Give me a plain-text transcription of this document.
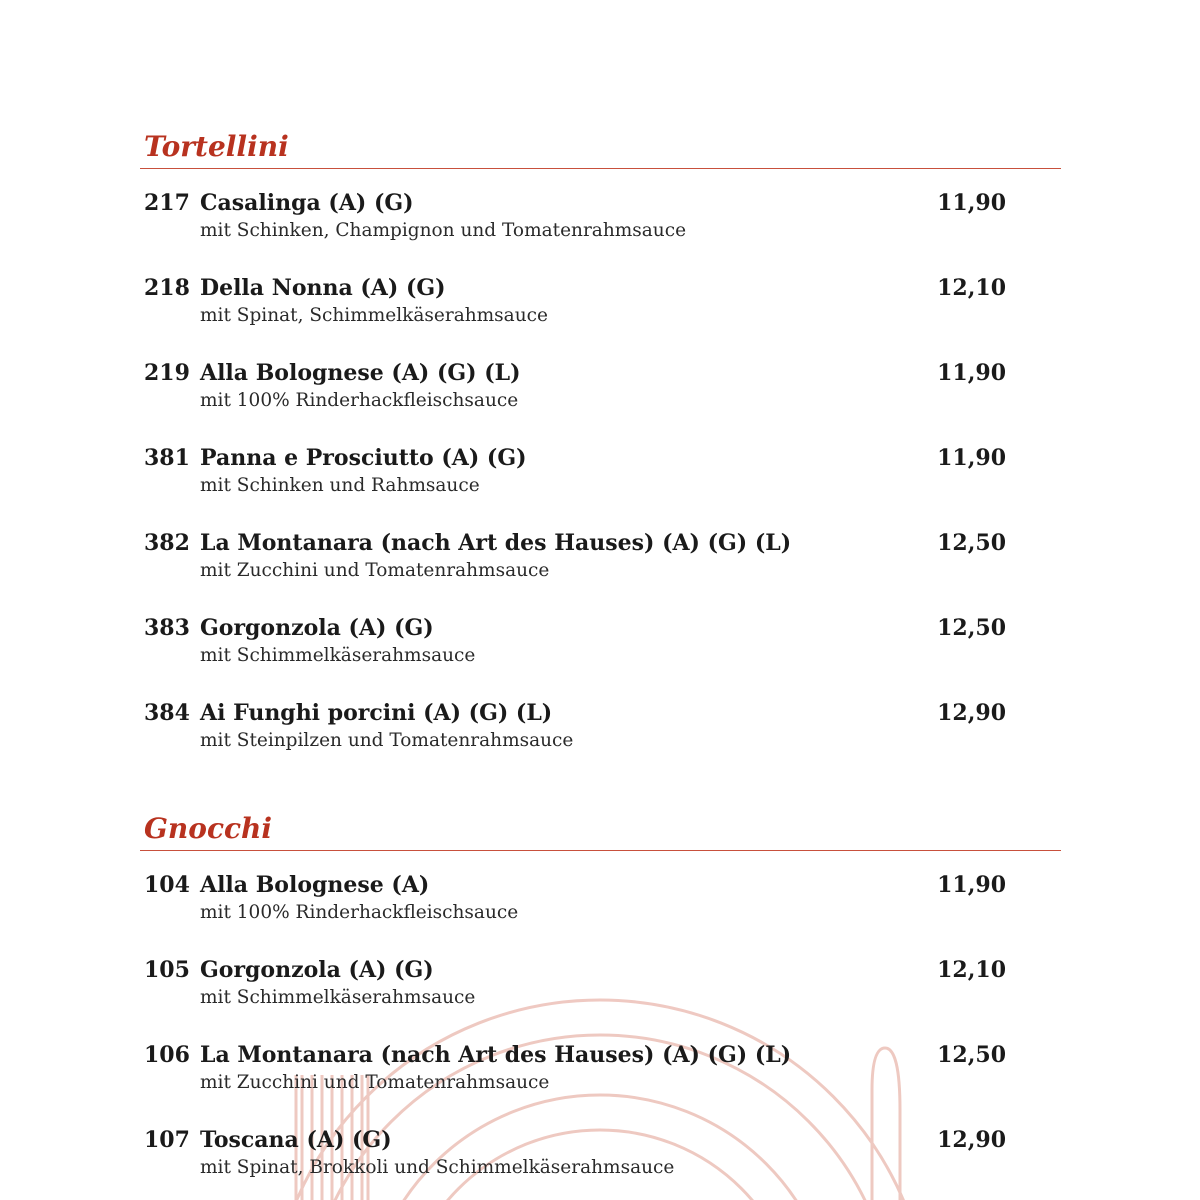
Tortellini
217 Casalinga (A) (G)	11,90
mit Schinken, Champignon und Tomatenrahmsauce
218 Della Nonna (A) (G)	12,10
mit Spinat, Schimmelkäserahmsauce
219 Alla Bolognese (A) (G) (L)	11,90
mit 100% Rinderhackfleischsauce
381 Panna e Prosciutto (A) (G)	11,90
mit Schinken und Rahmsauce
382 La Montanara (nach Art des Hauses) (A) (G) (L)	12,50
mit Zucchini und Tomatenrahmsauce
383 Gorgonzola (A) (G)	12,50
mit Schimmelkäserahmsauce
384 Ai Funghi porcini (A) (G) (L)	12,90
mit Steinpilzen und Tomatenrahmsauce
Gnocchi
104 Alla Bolognese (A)	11,90
mit 100% Rinderhackfleischsauce
105 Gorgonzola (A) (G)	12,10
mit Schimmelkäserahmsauce
106 La Montanara (nach Art des Hauses) (A) (G) (L)	12,50
mit Zucchini und Tomatenrahmsauce
107 Toscana (A) (G)	12,90
mit Spinat, Brokkoli und Schimmelkäserahmsauce
